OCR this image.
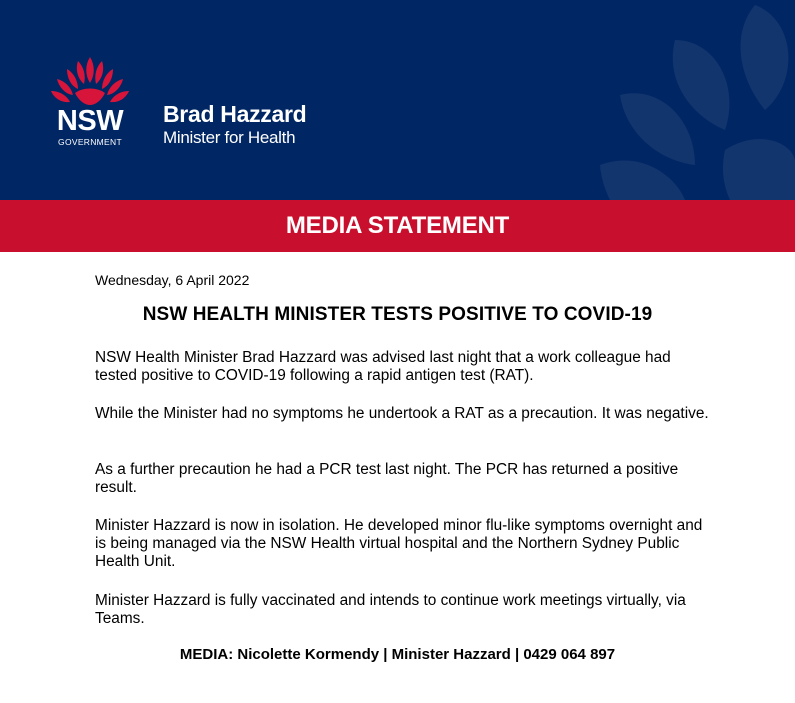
NSW
GOVERNMENT
Brad Hazzard
Minister for Health
MEDIA STATEMENT
Wednesday, 6 April 2022
NSW HEALTH MINISTER TESTS POSITIVE TO COVID-19

NSW Health Minister Brad Hazzard was advised last night that a work colleague had tested positive to COVID-19 following a rapid antigen test (RAT).

While the Minister had no symptoms he undertook a RAT as a precaution. It was negative.

As a further precaution he had a PCR test last night. The PCR has returned a positive result.

Minister Hazzard is now in isolation. He developed minor flu-like symptoms overnight and is being managed via the NSW Health virtual hospital and the Northern Sydney Public Health Unit.

Minister Hazzard is fully vaccinated and intends to continue work meetings virtually, via Teams.

MEDIA: Nicolette Kormendy | Minister Hazzard | 0429 064 897
